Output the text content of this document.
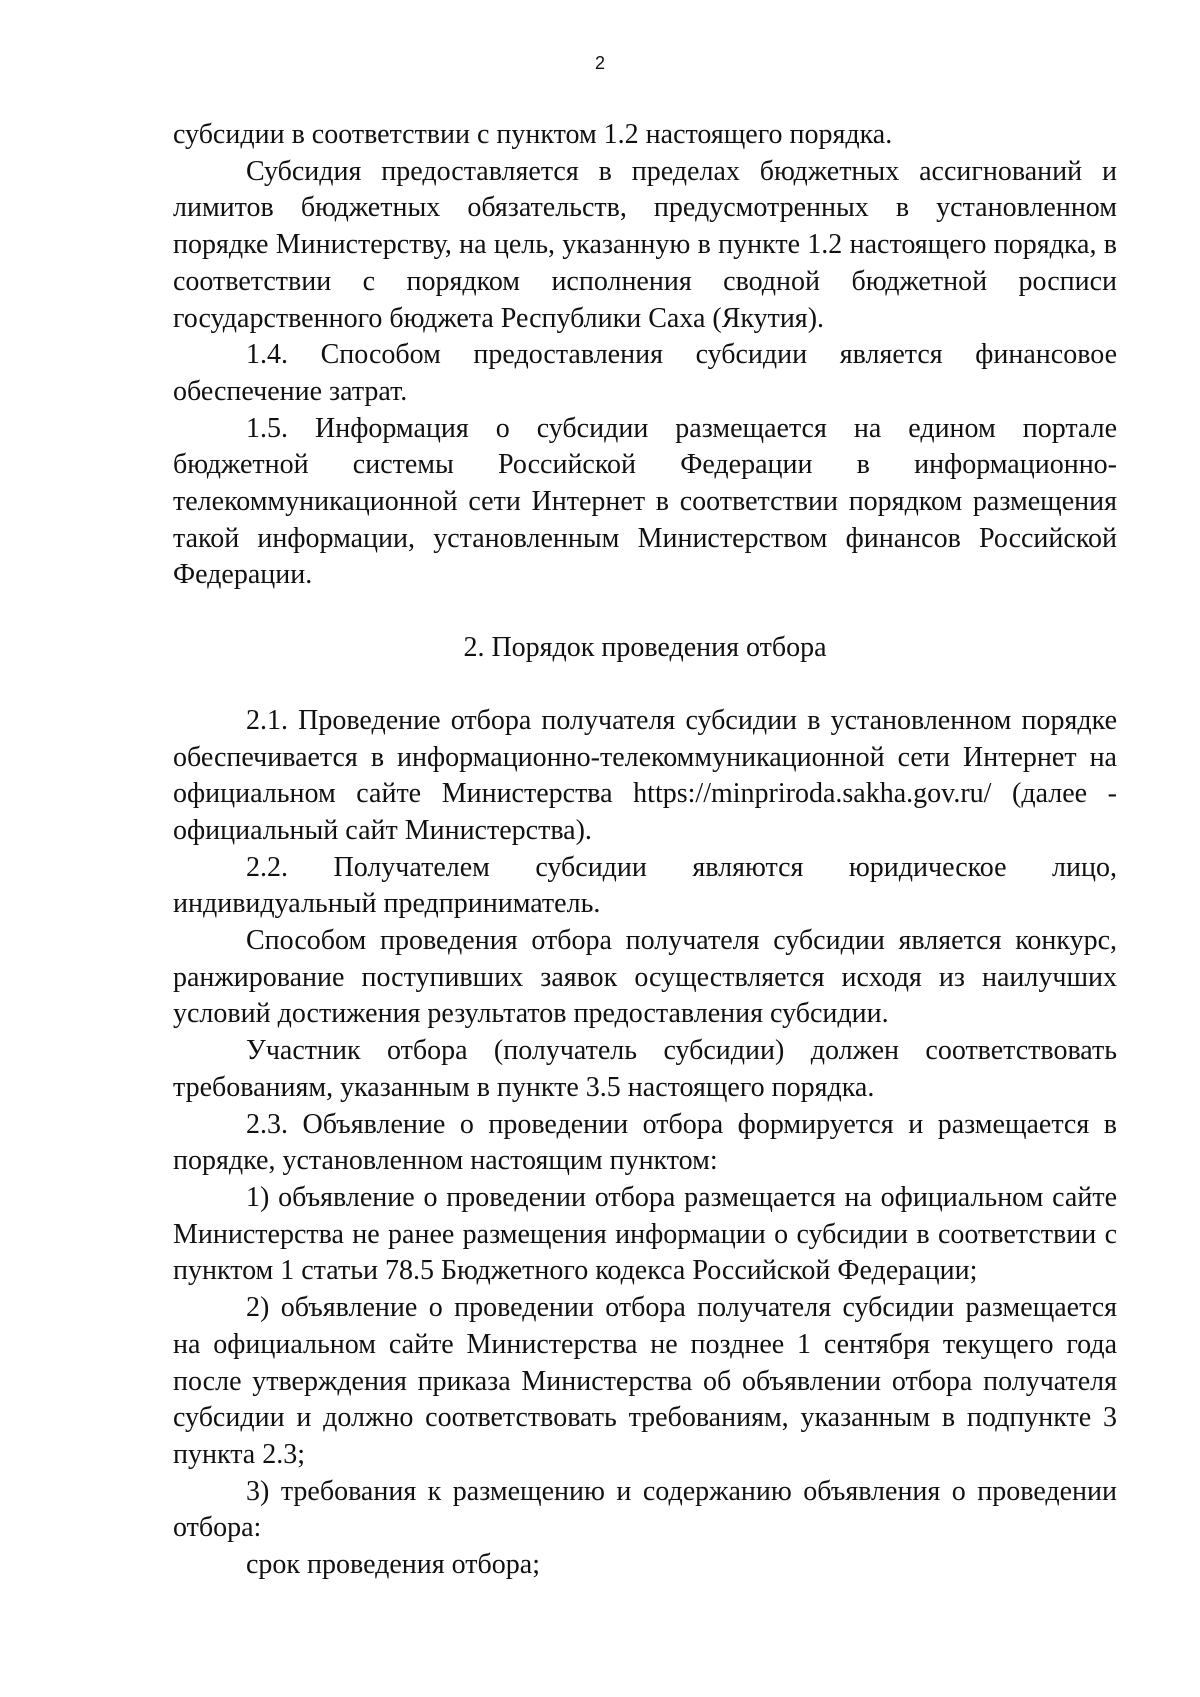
2

субсидии в соответствии с пунктом 1.2 настоящего порядка.

Субсидия предоставляется в пределах бюджетных ассигнований и лимитов бюджетных обязательств, предусмотренных в установленном порядке Министерству, на цель, указанную в пункте 1.2 настоящего порядка, в соответствии с порядком исполнения сводной бюджетной росписи государственного бюджета Республики Саха (Якутия).

1.4. Способом предоставления субсидии является финансовое обеспечение затрат.

1.5. Информация о субсидии размещается на едином портале бюджетной системы Российской Федерации в информационно-телекоммуникационной сети Интернет в соответствии порядком размещения такой информации, установленным Министерством финансов Российской Федерации.

2. Порядок проведения отбора

2.1. Проведение отбора получателя субсидии в установленном порядке обеспечивается в информационно-телекоммуникационной сети Интернет на официальном сайте Министерства https://minpriroda.sakha.gov.ru/ (далее - официальный сайт Министерства).

2.2. Получателем субсидии являются юридическое лицо, индивидуальный предприниматель.

Способом проведения отбора получателя субсидии является конкурс, ранжирование поступивших заявок осуществляется исходя из наилучших условий достижения результатов предоставления субсидии.

Участник отбора (получатель субсидии) должен соответствовать требованиям, указанным в пункте 3.5 настоящего порядка.

2.3. Объявление о проведении отбора формируется и размещается в порядке, установленном настоящим пунктом:

1) объявление о проведении отбора размещается на официальном сайте Министерства не ранее размещения информации о субсидии в соответствии с пунктом 1 статьи 78.5 Бюджетного кодекса Российской Федерации;

2) объявление о проведении отбора получателя субсидии размещается на официальном сайте Министерства не позднее 1 сентября текущего года после утверждения приказа Министерства об объявлении отбора получателя субсидии и должно соответствовать требованиям, указанным в подпункте 3 пункта 2.3;

3) требования к размещению и содержанию объявления о проведении отбора:

срок проведения отбора;
